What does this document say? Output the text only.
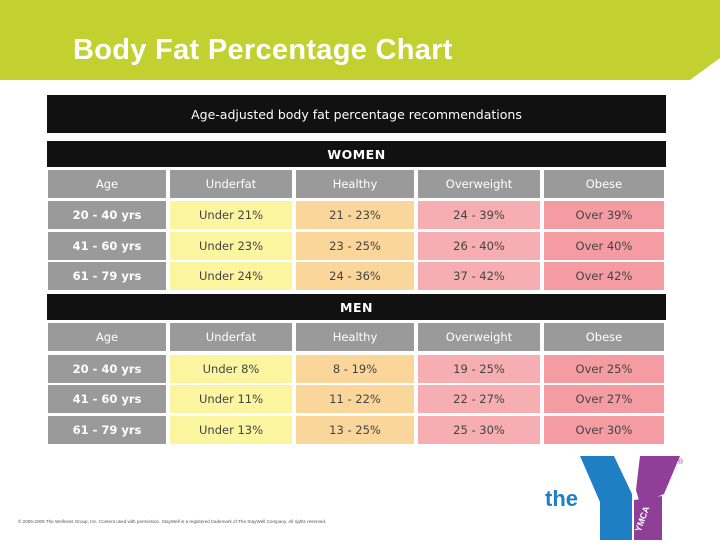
Body Fat Percentage Chart
Age-adjusted body fat percentage recommendations
WOMEN
Age	Underfat	Healthy	Overweight	Obese
20 - 40 yrs	Under 21%	21 - 23%	24 - 39%	Over 39%
41 - 60 yrs	Under 23%	23 - 25%	26 - 40%	Over 40%
61 - 79 yrs	Under 24%	24 - 36%	37 - 42%	Over 42%
MEN
Age	Underfat	Healthy	Overweight	Obese
20 - 40 yrs	Under 8%	8 - 19%	19 - 25%	Over 25%
41 - 60 yrs	Under 11%	11 - 22%	22 - 27%	Over 27%
61 - 79 yrs	Under 13%	13 - 25%	25 - 30%	Over 30%
© 2005-2008 The Wellness Group, Inc. Content used with permission. StayWell is a registered trademark of The StayWell Company. All rights reserved.	YMCA
®
the
